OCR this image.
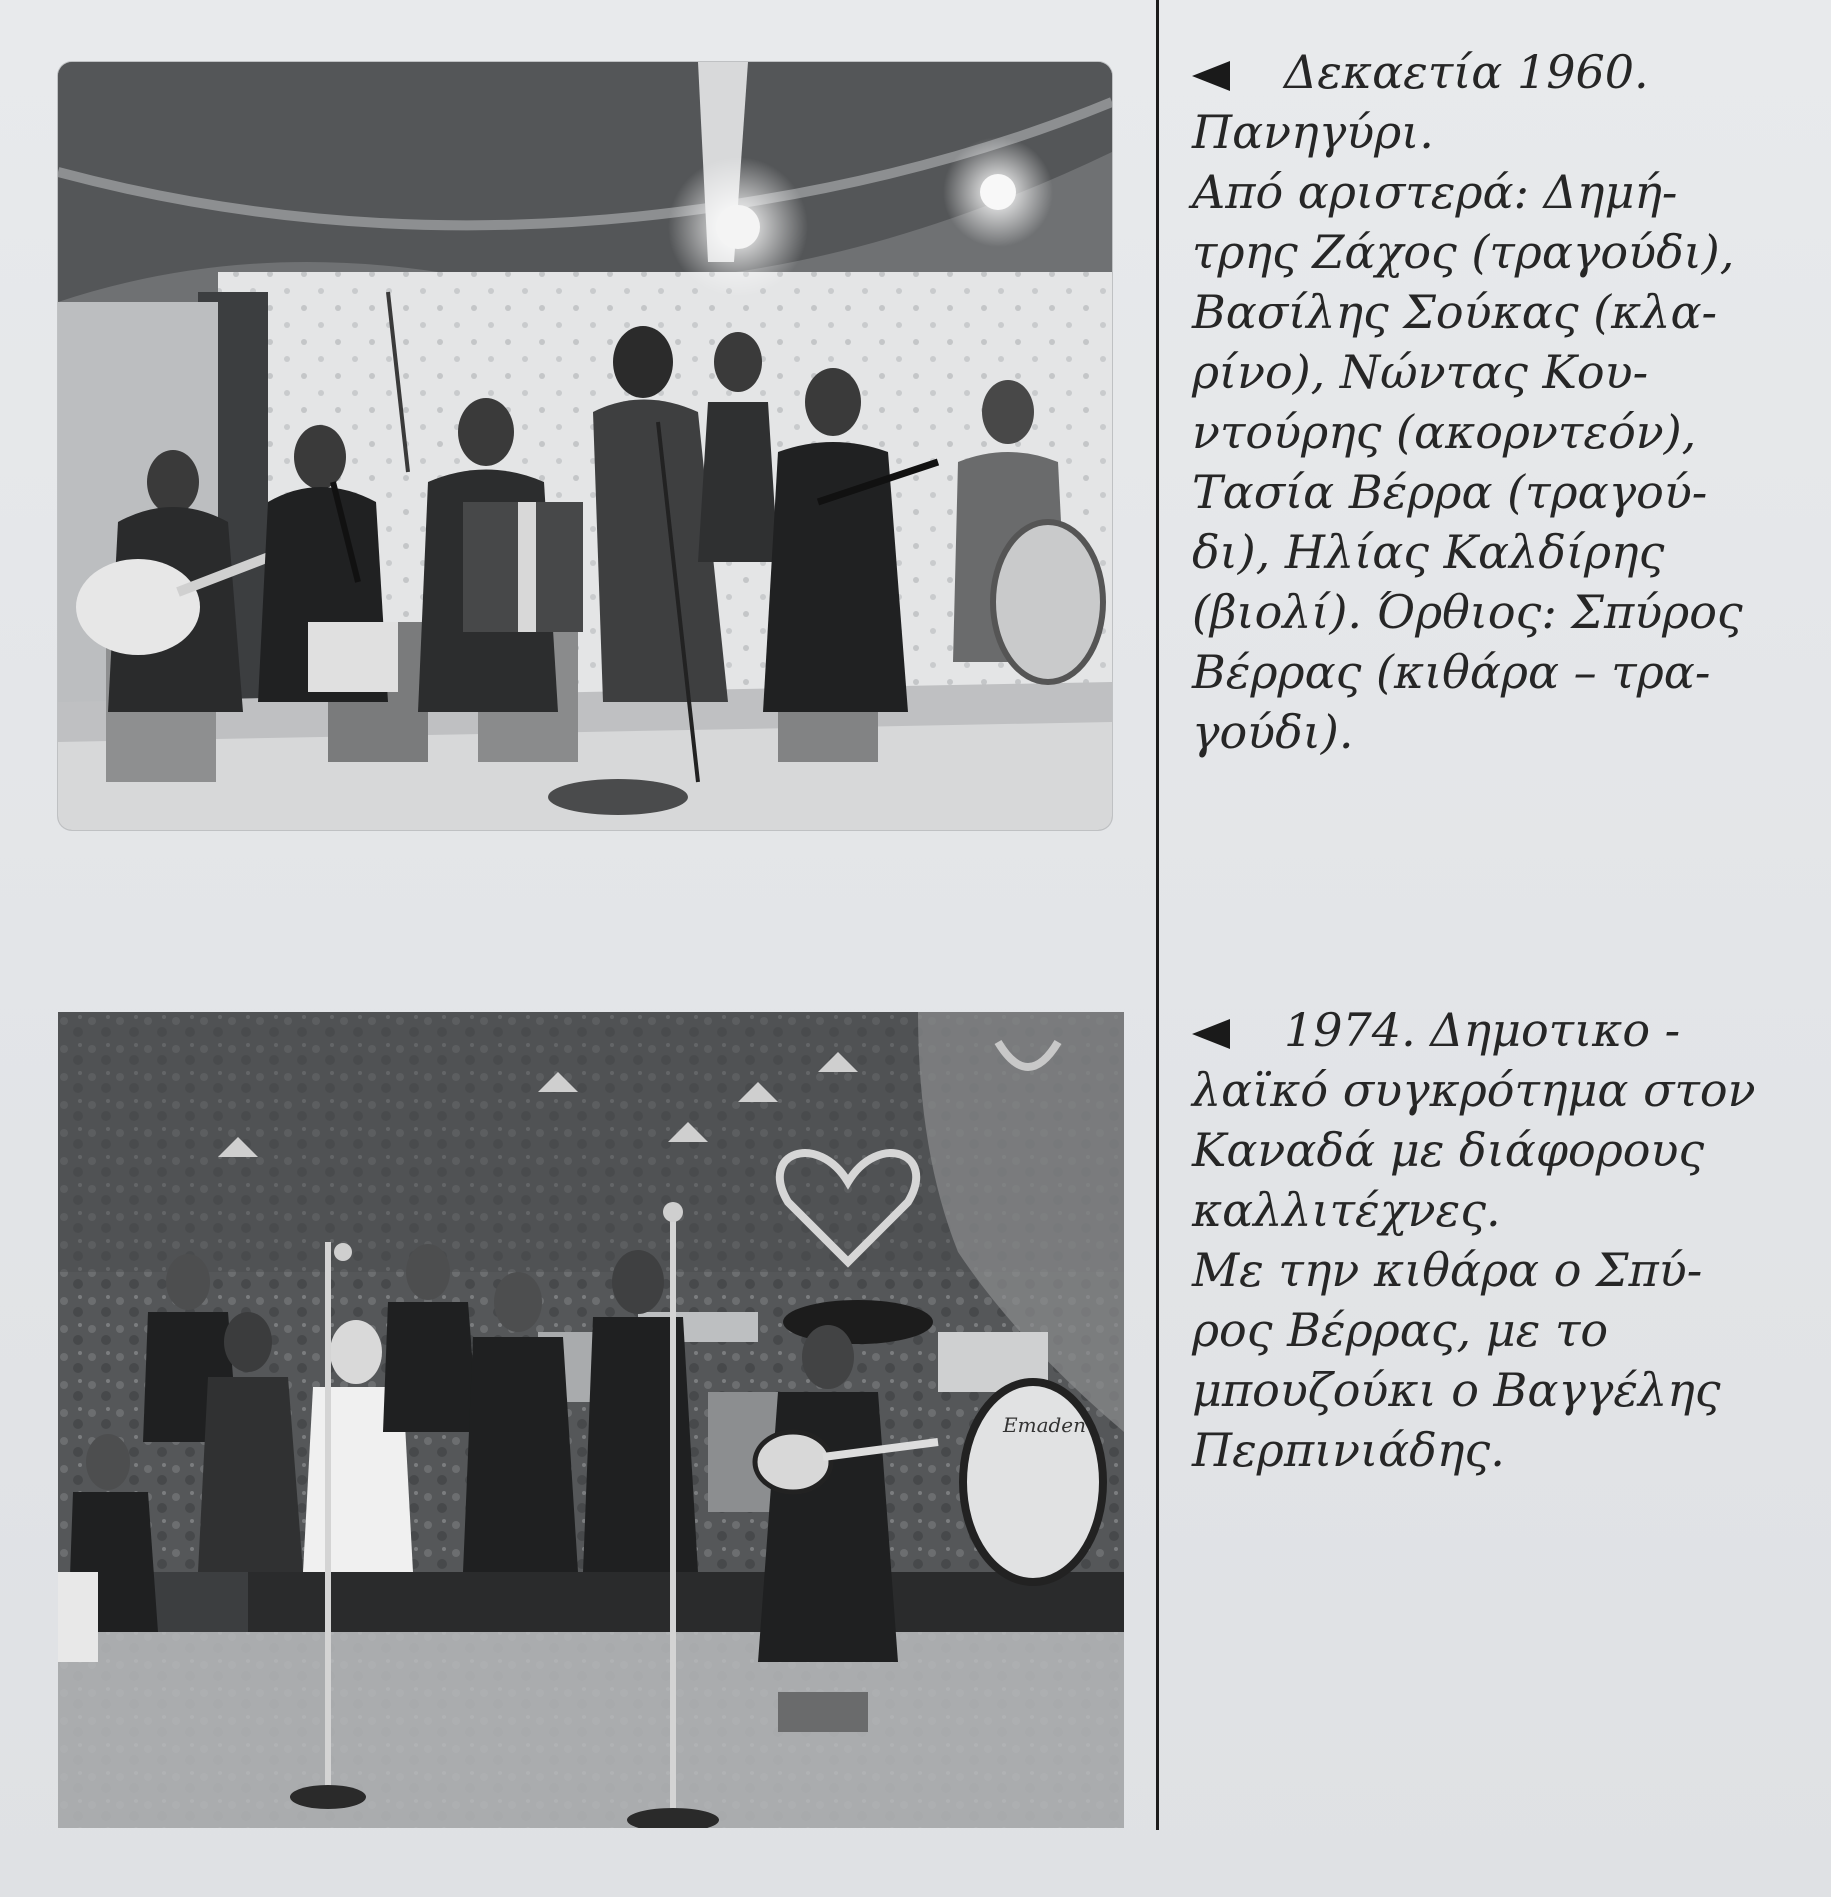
Δεκαετία 1960.
Πανηγύρι.
Από αριστερά: Δημή-
τρης Ζάχος (τραγούδι),
Βασίλης Σούκας (κλα-
ρίνο), Νώντας Κου-
ντούρης (ακορντεόν),
Τασία Βέρρα (τραγού-
δι), Ηλίας Καλδίρης
(βιολί). Όρθιος: Σπύρος
Βέρρας (κιθάρα – τρα-
γούδι).
Emaden
1974. Δημοτικο -
λαϊκό συγκρότημα στον
Καναδά με διάφορους
καλλιτέχνες.
Με την κιθάρα ο Σπύ-
ρος Βέρρας, με το
μπουζούκι ο Βαγγέλης
Περπινιάδης.
